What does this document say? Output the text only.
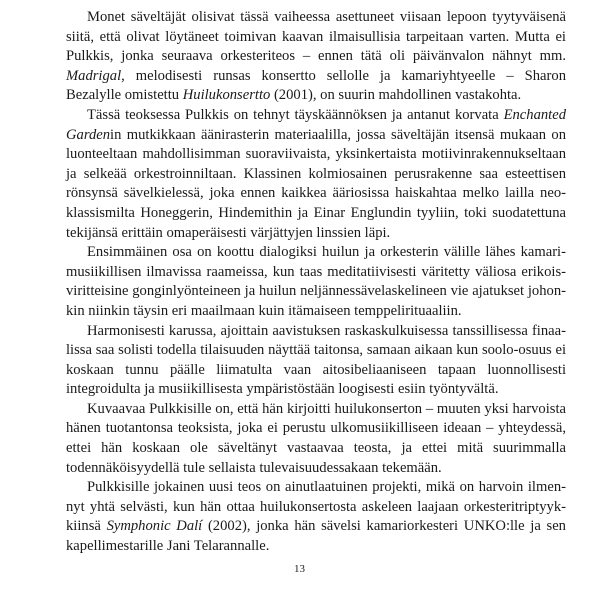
Monet säveltäjät olisivat tässä vaiheessa asettuneet viisaan lepoon tyytyväisenä siitä, että olivat löytäneet toimivan kaavan ilmaisullisia tarpeitaan varten. Mutta ei Pulkkis, jonka seuraava orkesteriteos – ennen tätä oli päivänvalon nähnyt mm. Madrigal, melodisesti runsas konsertto sellolle ja kamariyhtyeelle – Sharon Bezalylle omistettu Huilukonsertto (2001), on suurin mahdollinen vastakohta.

Tässä teoksessa Pulkkis on tehnyt täyskäännöksen ja antanut korvata Enchanted Gardenin mutkikkaan äänirasterin materiaalilla, jossa säveltäjän itsensä mukaan on luonteeltaan mahdollisimman suoraviivaista, yksinkertaista motiivinrakennukseltaan ja selkeää orkestroinniltaan. Klassinen kolmiosainen perusrakenne saa esteettisen rönsynsä sävelkielessä, joka ennen kaikkea ääriosissa haiskahtaa melko lailla neoklassismilta Honeggerin, Hindemithin ja Einar Englundin tyyliin, toki suodatettuna tekijänsä erittäin omaperäisesti värjättyjen linssien läpi.

Ensimmäinen osa on koottu dialogiksi huilun ja orkesterin välille lähes kamarimusiikillisen ilmavissa raameissa, kun taas meditatiivisesti väritetty väliosa erikoisviritteisine gonginlyönteineen ja huilun neljännessävelaskelineen vie ajatukset johonkin niinkin täysin eri maailmaan kuin itämaiseen temppelirituaaliin.

Harmonisesti karussa, ajoittain aavistuksen raskaskulkuisessa tanssillisessa finaalissa saa solisti todella tilaisuuden näyttää taitonsa, samaan aikaan kun soolo-osuus ei koskaan tunnu päälle liimatulta vaan aitosibeliaaniseen tapaan luonnollisesti integroidulta ja musiikillisesta ympäristöstään loogisesti esiin työntyvältä.

Kuvaavaa Pulkkisille on, että hän kirjoitti huilukonserton – muuten yksi harvoista hänen tuotantonsa teoksista, joka ei perustu ulkomusiikilliseen ideaan – yhteydessä, ettei hän koskaan ole säveltänyt vastaavaa teosta, ja ettei mitä suurimmalla todennäköisyydellä tule sellaista tulevaisuudessakaan tekemään.

Pulkkisille jokainen uusi teos on ainutlaatuinen projekti, mikä on harvoin ilmennyt yhtä selvästi, kun hän ottaa huilukonsertosta askeleen laajaan orkesteritriptyykkiinsä Symphonic Dalí (2002), jonka hän sävelsi kamariorkesteri UNKO:lle ja sen kapellimestarille Jani Telarannalle.

13
